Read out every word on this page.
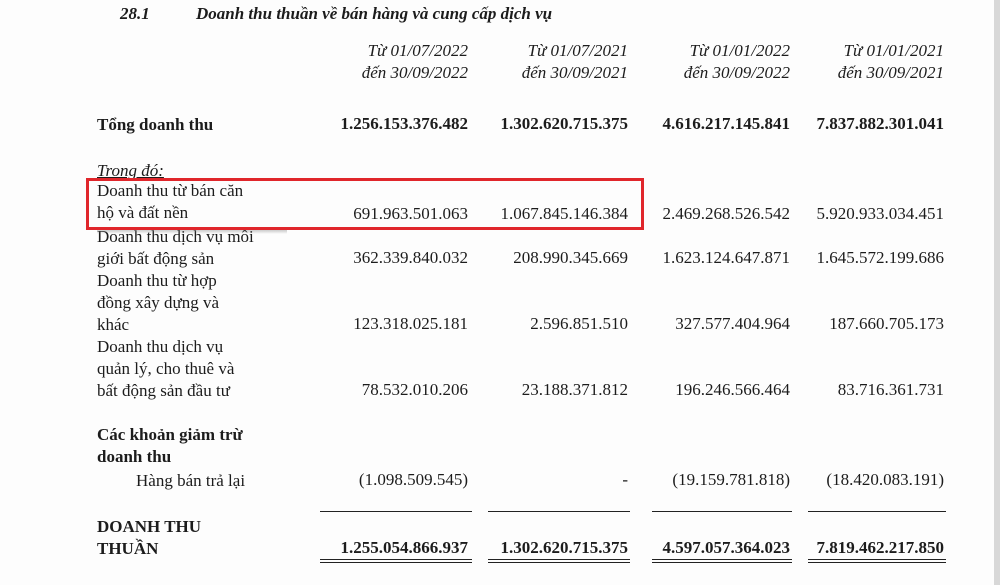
28.1	Doanh thu thuần về bán hàng và cung cấp dịch vụ
Từ 01/07/2022
đến 30/09/2022
Từ 01/07/2021
đến 30/09/2021
Từ 01/01/2022
đến 30/09/2022
Từ 01/01/2021
đến 30/09/2021
Tổng doanh thu	1.256.153.376.482 1.302.620.715.375 4.616.217.145.841 7.837.882.301.041
Trong đó:
Doanh thu từ bán căn
hộ và đất nền	691.963.501.063 1.067.845.146.384 2.469.268.526.542 5.920.933.034.451
Doanh thu dịch vụ môi
giới bất động sản	362.339.840.032	208.990.345.669 1.623.124.647.871 1.645.572.199.686
Doanh thu từ hợp
đồng xây dựng và
khác	123.318.025.181	2.596.851.510	327.577.404.964 187.660.705.173
Doanh thu dịch vụ
quản lý, cho thuê và
bất động sản đầu tư	78.532.010.206	23.188.371.812	196.246.566.464	83.716.361.731
Các khoản giảm trừ
doanh thu
Hàng bán trả lại	(1.098.509.545)	-	(19.159.781.818) (18.420.083.191)
DOANH THU
THUẦN	1.255.054.866.937 1.302.620.715.375 4.597.057.364.023 7.819.462.217.850
